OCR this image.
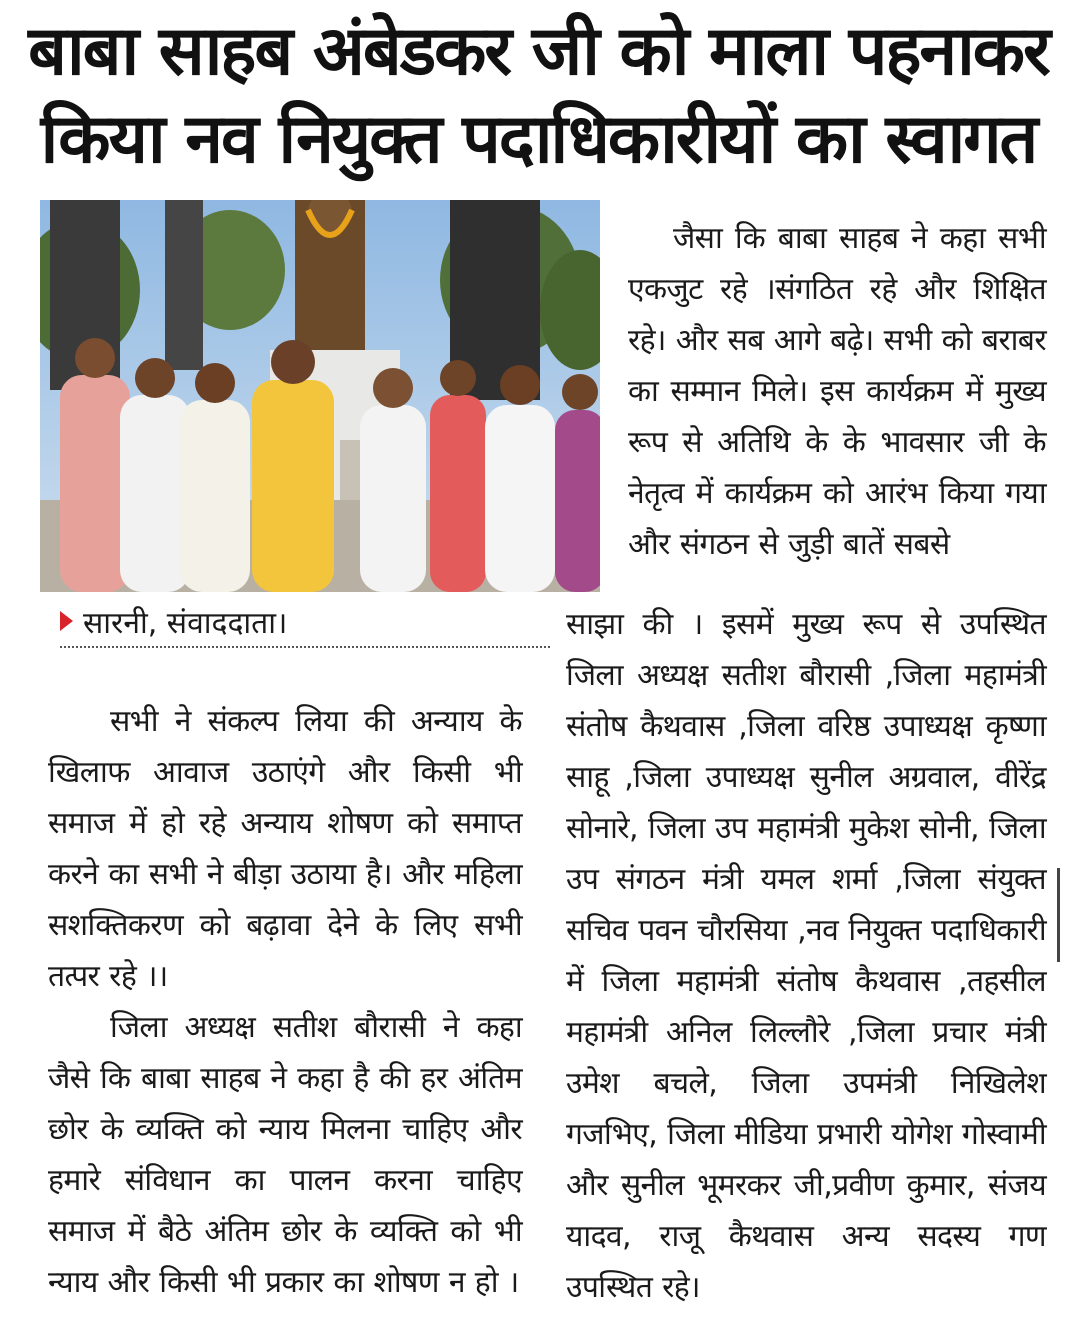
बाबा साहब अंबेडकर जी को माला पहनाकर
किया नव नियुक्त पदाधिकारीयों का स्वागत
सारनी, संवाददाता।

सभी ने संकल्प लिया की अन्याय के खिलाफ आवाज उठाएंगे और किसी भी समाज में हो रहे अन्याय शोषण को समाप्त करने का सभी ने बीड़ा उठाया है। और महिला सशक्तिकरण को बढ़ावा देने के लिए सभी तत्पर रहे ।।

जिला अध्यक्ष सतीश बौरासी ने कहा जैसे कि बाबा साहब ने कहा है की हर अंतिम छोर के व्यक्ति को न्याय मिलना चाहिए और हमारे संविधान का पालन करना चाहिए समाज में बैठे अंतिम छोर के व्यक्ति को भी न्याय और किसी भी प्रकार का शोषण न हो ।

जैसा कि बाबा साहब ने कहा सभी एकजुट रहे ।संगठित रहे और शिक्षित रहे। और सब आगे बढ़े। सभी को बराबर का सम्मान मिले। इस कार्यक्रम में मुख्य रूप से अतिथि के के भावसार जी के नेतृत्व में कार्यक्रम को आरंभ किया गया और संगठन से जुड़ी बातें सबसे

साझा की । इसमें मुख्य रूप से उपस्थित जिला अध्यक्ष सतीश बौरासी ,जिला महामंत्री संतोष कैथवास ,जिला वरिष्ठ उपाध्यक्ष कृष्णा साहू ,जिला उपाध्यक्ष सुनील अग्रवाल, वीरेंद्र सोनारे, जिला उप महामंत्री मुकेश सोनी, जिला उप संगठन मंत्री यमल शर्मा ,जिला संयुक्त सचिव पवन चौरसिया ,नव नियुक्त पदाधिकारी में जिला महामंत्री संतोष कैथवास ,तहसील महामंत्री अनिल लिल्लौरे ,जिला प्रचार मंत्री उमेश बचले, जिला उपमंत्री निखिलेश गजभिए, जिला मीडिया प्रभारी योगेश गोस्वामी और सुनील भूमरकर जी,प्रवीण कुमार, संजय यादव, राजू कैथवास अन्य सदस्य गण उपस्थित रहे।
